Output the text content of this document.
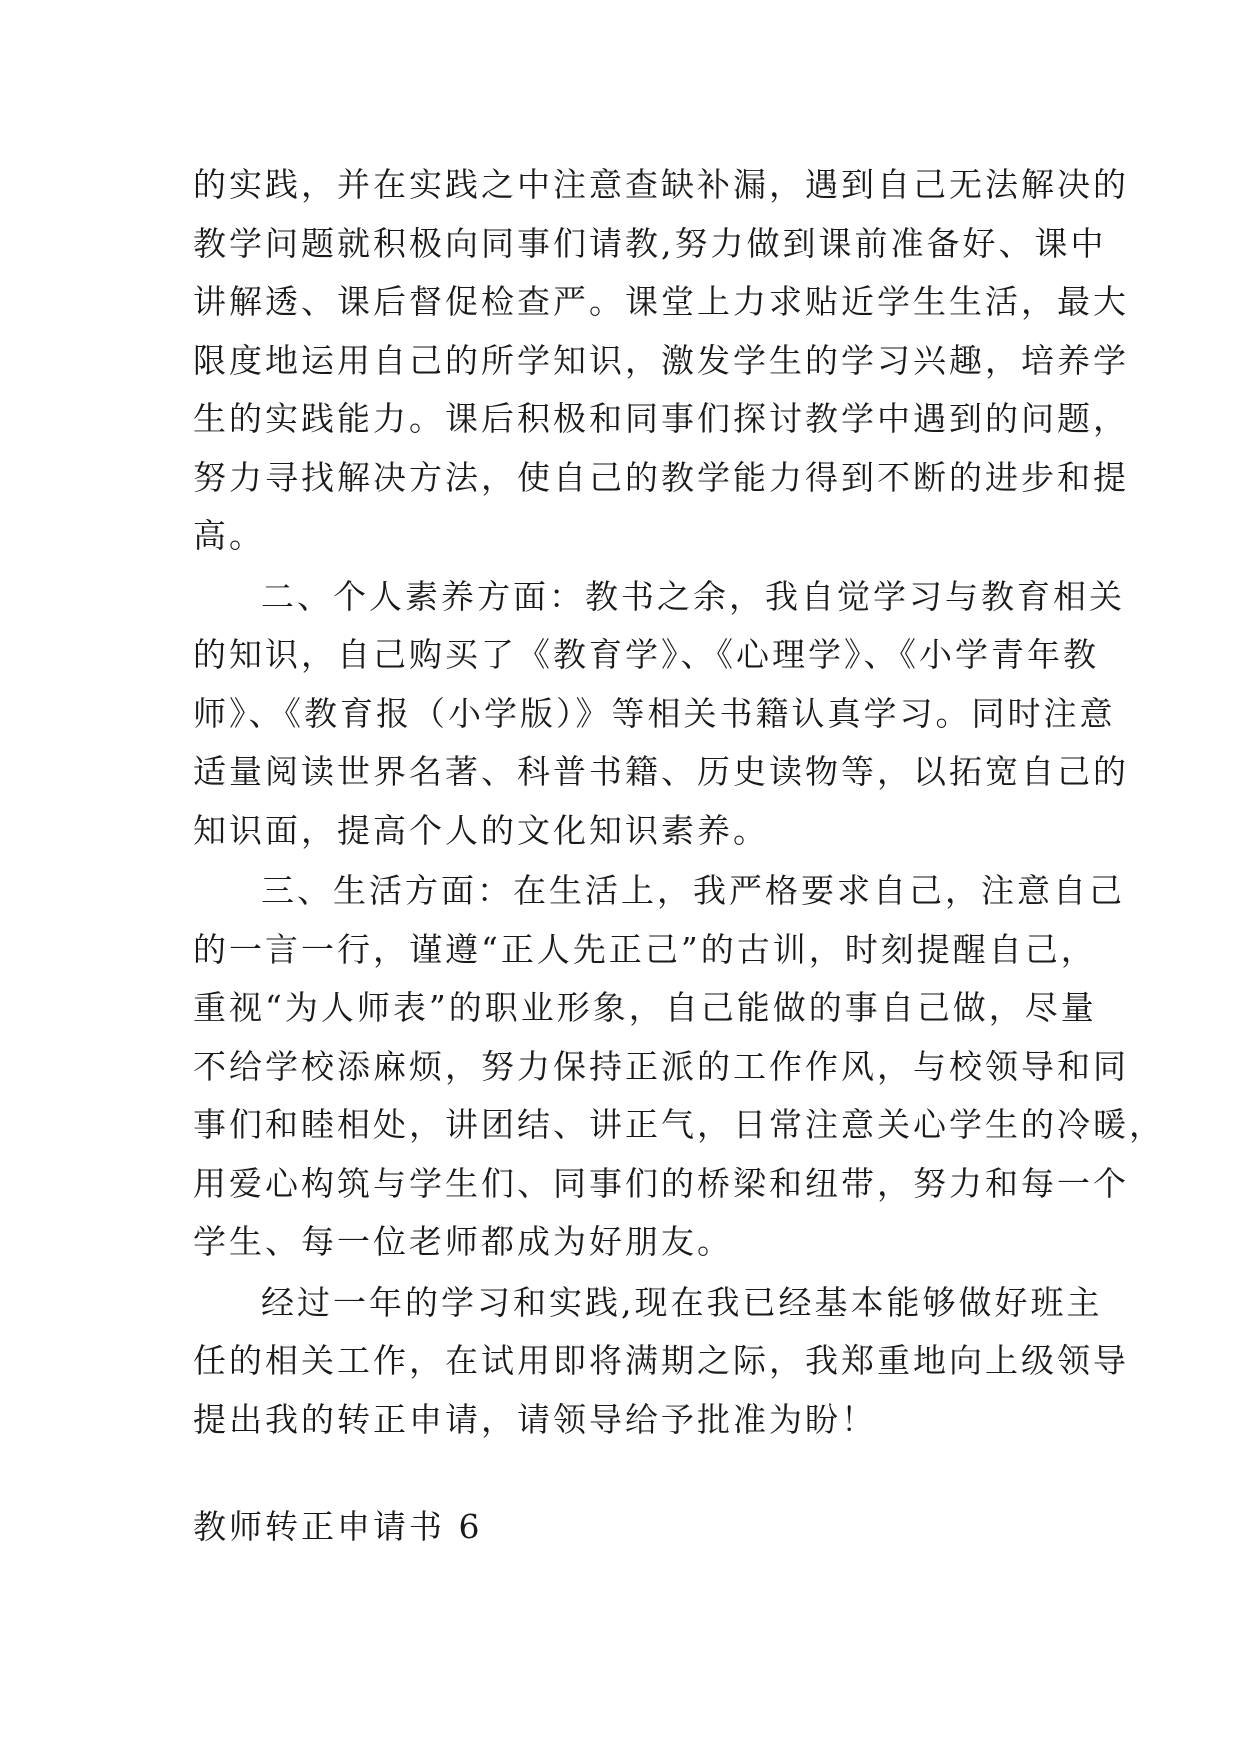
的实践，并在实践之中注意查缺补漏，遇到自己无法解决的
教学问题就积极向同事们请教,努力做到课前准备好、课中
讲解透、课后督促检查严。课堂上力求贴近学生生活，最大
限度地运用自己的所学知识，激发学生的学习兴趣，培养学
生的实践能力。课后积极和同事们探讨教学中遇到的问题，
努力寻找解决方法，使自己的教学能力得到不断的进步和提
高。
二、个人素养方面：教书之余，我自觉学习与教育相关
的知识，自己购买了《教育学》、《心理学》、《小学青年教
师》、《教育报（小学版）》等相关书籍认真学习。同时注意
适量阅读世界名著、科普书籍、历史读物等，以拓宽自己的
知识面，提高个人的文化知识素养。
三、生活方面：在生活上，我严格要求自己，注意自己
的一言一行，谨遵“正人先正己”的古训，时刻提醒自己，
重视“为人师表”的职业形象，自己能做的事自己做，尽量
不给学校添麻烦，努力保持正派的工作作风，与校领导和同
事们和睦相处，讲团结、讲正气，日常注意关心学生的冷暖，
用爱心构筑与学生们、同事们的桥梁和纽带，努力和每一个
学生、每一位老师都成为好朋友。
经过一年的学习和实践,现在我已经基本能够做好班主
任的相关工作，在试用即将满期之际，我郑重地向上级领导
提出我的转正申请，请领导给予批准为盼！
教师转正申请书 6
